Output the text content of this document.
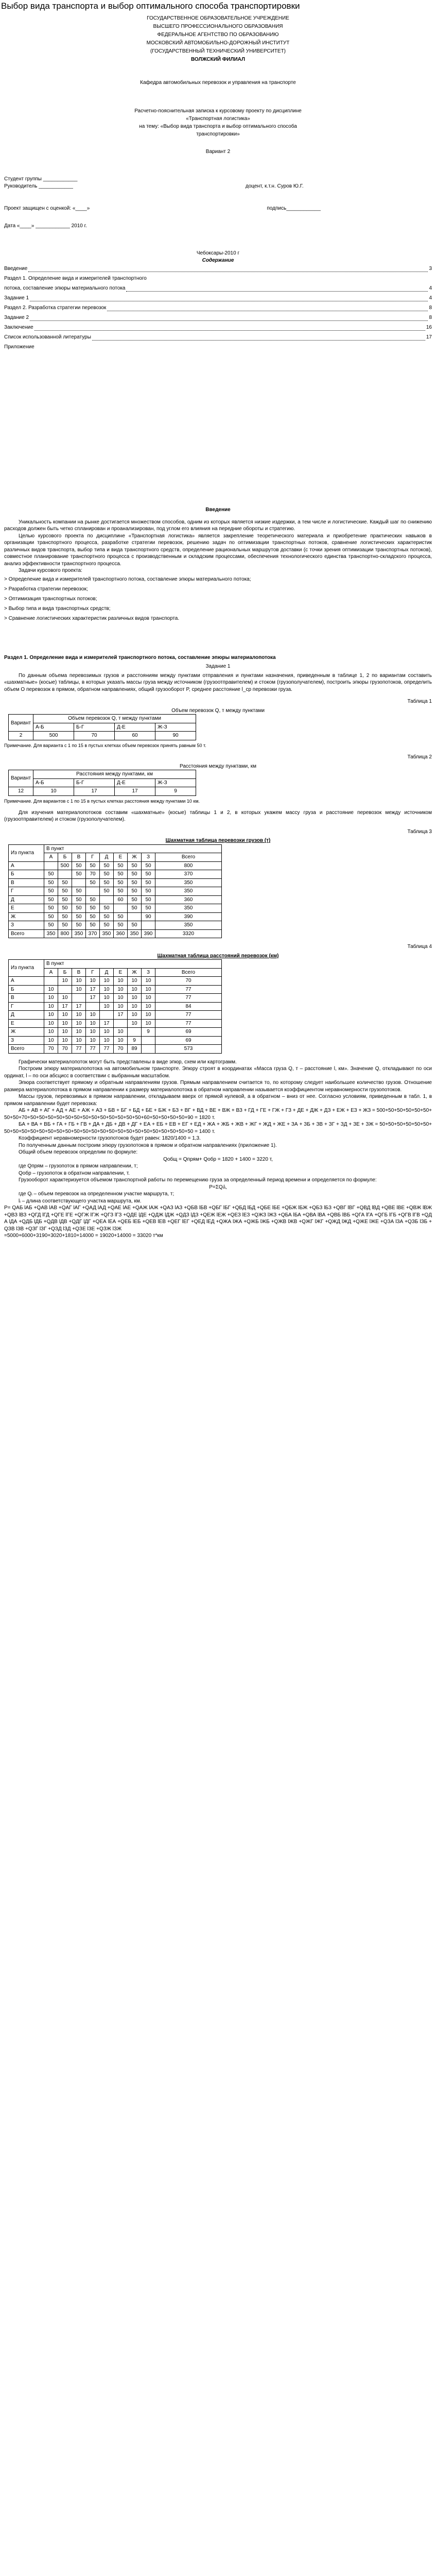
Выбор вида транспорта и выбор оптимального способа транспортировки
ГОСУДАРСТВЕННОЕ ОБРАЗОВАТЕЛЬНОЕ УЧРЕЖДЕНИЕ
ВЫСШЕГО ПРОФЕССИОНАЛЬНОГО ОБРАЗОВАНИЯ
ФЕДЕРАЛЬНОЕ АГЕНТСТВО ПО ОБРАЗОВАНИЮ
МОСКОВСКИЙ АВТОМОБИЛЬНО-ДОРОЖНЫЙ ИНСТИТУТ
(ГОСУДАРСТВЕННЫЙ ТЕХНИЧЕСКИЙ УНИВЕРСИТЕТ)
ВОЛЖСКИЙ ФИЛИАЛ

Кафедра автомобильных перевозок и управления на транспорте

Расчетно-пояснительная записка к курсовому проекту по дисциплине
«Транспортная логистика»
на тему: «Выбор вида транспорта и выбор оптимального способа
транспортировки»

Вариант 2

Студент группы ____________

Руководитель ____________	доцент, к.т.н. Суров Ю.Г.
Проект защищен с оценкой: «____»	подпись____________

Дата «____» ____________ 2010 г.

Чебоксары-2010 г

Содержание

Введение	3
Раздел 1. Определение вида и измерителей транспортного
потока, составление эпюры материального потока	4
Задание 1	4
Раздел 2. Разработка стратегии перевозок	8
Задание 2	8
Заключение	16
Список использованной литературы	17
Приложение

Введение

Уникальность компании на рынке достигается множеством способов, одним из которых является низкие издержки, а тем числе и логистические. Каждый шаг по снижению расходов должен быть четко спланирован и проанализирован, под углом его влияния на передние обороты и стратегию.

Целью курсового проекта по дисциплине «Транспортная логистика» является закрепление теоретического материала и приобретение практических навыков в организации транспортного процесса, разработке стратегии перевозок, решению задач по оптимизации транспортных потоков, сравнение логистических характеристик различных видов транспорта, выбор типа и вида транспортного средств, определение рациональных маршрутов доставки (с точки зрения оптимизации транспортных потоков), совместное планирование транспортного процесса с производственным и складским процессами, обеспечения технологического единства транспортно-складского процесса, анализ эффективности транспортного процесса.

Задачи курсового проекта:

> Определение вида и измерителей транспортного потока, составление эпюры материального потока;

> Разработка стратегии перевозок;

> Оптимизация транспортных потоков;

> Выбор типа и вида транспортных средств;

> Сравнение логистических характеристик различных видов транспорта.

Раздел 1. Определение вида и измерителей транспортного потока, составление эпюры материалопотока

Задание 1

По данным объема перевозимых грузов и расстояниям между пунктами отправления и пунктами назначения, приведенным в таблице 1, 2 по вариантам составить «шахматные» (косые) таблицы, в которых указать массы груза между источником (грузоотправителем) и стоком (грузополучателем), построить эпюры грузопотоков, определить объем О перевозок в прямом, обратном направлениях, общий грузооборот P, среднее расстояние l_ср перевозки груза.

Таблица 1

Объем перевозок Q, т между пунктами

Вариант	Объем перевозок Q, т между пунктами			
	А-Б	Б-Г	Д-Е	Ж-З
2	500	70	60	90

Примечание. Для варианта с 1 по 15 в пустых клетках объем перевозок принять равным 50 т.

Таблица 2

Расстояния между пунктами, км

Вариант	Расстояния между пунктами, км			
	А-Б	Б-Г	Д-Е	Ж-З
12	10	17	17	9

Примечание. Для вариантов с 1 по 15 в пустых клетках расстояния между пунктами 10 км.

Для изучения материалопотоков составим «шахматные» (косые) таблицы 1 и 2, в которых укажем массу груза и расстояние перевозок между источником (грузоотправителем) и стоком (грузополучателем).

Таблица 3

Шахматная таблица перевозки грузов (т)

Из пункта	В пункт								
	А	Б	В	Г	Д	Е	Ж	З	Всего
А		500	50	50	50	50	50	50	800
Б	50		50	70	50	50	50	50	370
В	50	50		50	50	50	50	50	350
Г	50	50	50		50	50	50	50	350
Д	50	50	50	50		60	50	50	360
Е	50	50	50	50	50		50	50	350
Ж	50	50	50	50	50	50		90	390
З	50	50	50	50	50	50	50		350
Всего	350	800	350	370	350	360	350	390	3320

Таблица 4

Шахматная таблица расстояний перевозок (км)

Из пункта	В пункт								
	А	Б	В	Г	Д	Е	Ж	З	Всего
А		10	10	10	10	10	10	10	70
Б	10		10	17	10	10	10	10	77
В	10	10		17	10	10	10	10	77
Г	10	17	17		10	10	10	10	84
Д	10	10	10	10		17	10	10	77
Е	10	10	10	10	17		10	10	77
Ж	10	10	10	10	10	10		9	69
З	10	10	10	10	10	10	9		69
Всего	70	70	77	77	77	70	89		573

Графически материалопоток могут быть представлены в виде эпюр, схем или картограмм.

Построим эпюру материалопотока на автомобильном транспорте. Эпюру строят в координатах «Масса груза Q, т – расстояние l, км». Значение Q, откладывают по оси ординат, l – по оси абсцисс в соответствии с выбранным масштабом.

Эпюра соответствует прямому и обратным направлениям грузов. Прямым направлением считается то, по которому следует наибольшее количество грузов. Отношение размера материалопотока в прямом направлении к размеру материалопотока в обратном направлении называется коэффициентом неравномерности грузопотоков.

Массы грузов, перевозимых в прямом направлении, откладываем вверх от прямой нулевой, а в обратном – вниз от нее. Согласно условиям, приведенным в табл. 1, в прямом направлении будет перевозка:

АБ + АВ + АГ + АД + АЕ + АЖ + АЗ + БВ + БГ + БД + БЕ + БЖ + БЗ + ВГ + ВД + ВЕ + ВЖ + ВЗ + ГД + ГЕ + ГЖ + ГЗ + ДЕ + ДЖ + ДЗ + ЕЖ + ЕЗ + ЖЗ = 500+50+50+50+50+50+50+50+70+50+50+50+50+50+50+50+50+50+50+50+50+50+60+50+50+50+50+90 = 1820 т.

БА + ВА + ВБ + ГА + ГБ + ГВ + ДА + ДБ + ДВ + ДГ + ЕА + ЕБ + ЕВ + ЕГ + ЕД + ЖА + ЖБ + ЖВ + ЖГ + ЖД + ЖЕ + ЗА + ЗБ + ЗВ + ЗГ + ЗД + ЗЕ + ЗЖ = 50+50+50+50+50+50+50+50+50+50+50+50+50+50+50+50+50+50+50+50+50+50+50+50+50+50+50+50 = 1400 т.

Коэффициент неравномерности грузопотоков будет равен: 1820/1400 = 1,3.

По полученным данным построим эпюру грузопотоков в прямом и обратном направлениях (приложение 1).

Общий объем перевозок определим по формуле:

Qобщ = Qпрям+ Qобр = 1820 + 1400 = 3220 т,

где Qпрям – грузопоток в прямом направлении, т;

Qобр – грузопоток в обратном направлении, т.

Грузооборот характеризуется объемом транспортной работы по перемещению груза за определенный период времени и определяется по формуле:

P=ΣQᵢlᵢ,

где Qᵢ – объем перевозок на определенном участке маршрута, т;

lᵢ – длина соответствующего участка маршрута, км.

P= QАБ lАБ +QАВ lАВ +QАГ lАГ +QАД lАД +QАЕ lАЕ +QАЖ lАЖ +QАЗ lАЗ +QБВ lБВ +QБГ lБГ +QБД lБД +QБЕ lБЕ +QБЖ lБЖ +QБЗ lБЗ +QВГ lВГ +QВД lВД +QВЕ lВЕ +QВЖ lВЖ +QВЗ lВЗ +QГД lГД +QГЕ lГЕ +QГЖ lГЖ +QГЗ lГЗ +QДЕ lДЕ +QДЖ lДЖ +QДЗ lДЗ +QЕЖ lЕЖ +QЕЗ lЕЗ +QЖЗ lЖЗ +QБА lБА +QВА lВА +QВБ lВБ +QГА lГА +QГБ lГБ +QГВ lГВ +QДА lДА +QДБ lДБ +QДВ lДВ +QДГ lДГ +QЕА lЕА +QЕБ lЕБ +QЕВ lЕВ +QЕГ lЕГ +QЕД lЕД +QЖА lЖА +QЖБ lЖБ +QЖВ lЖВ +QЖГ lЖГ +QЖД lЖД +QЖЕ lЖЕ +QЗА lЗА +QЗБ lЗБ +QЗВ lЗВ +QЗГ lЗГ +QЗД lЗД +QЗЕ lЗЕ +QЗЖ lЗЖ

=5000+6000+3190+3020+1810+14000 = 19020+14000 = 33020 т*км
